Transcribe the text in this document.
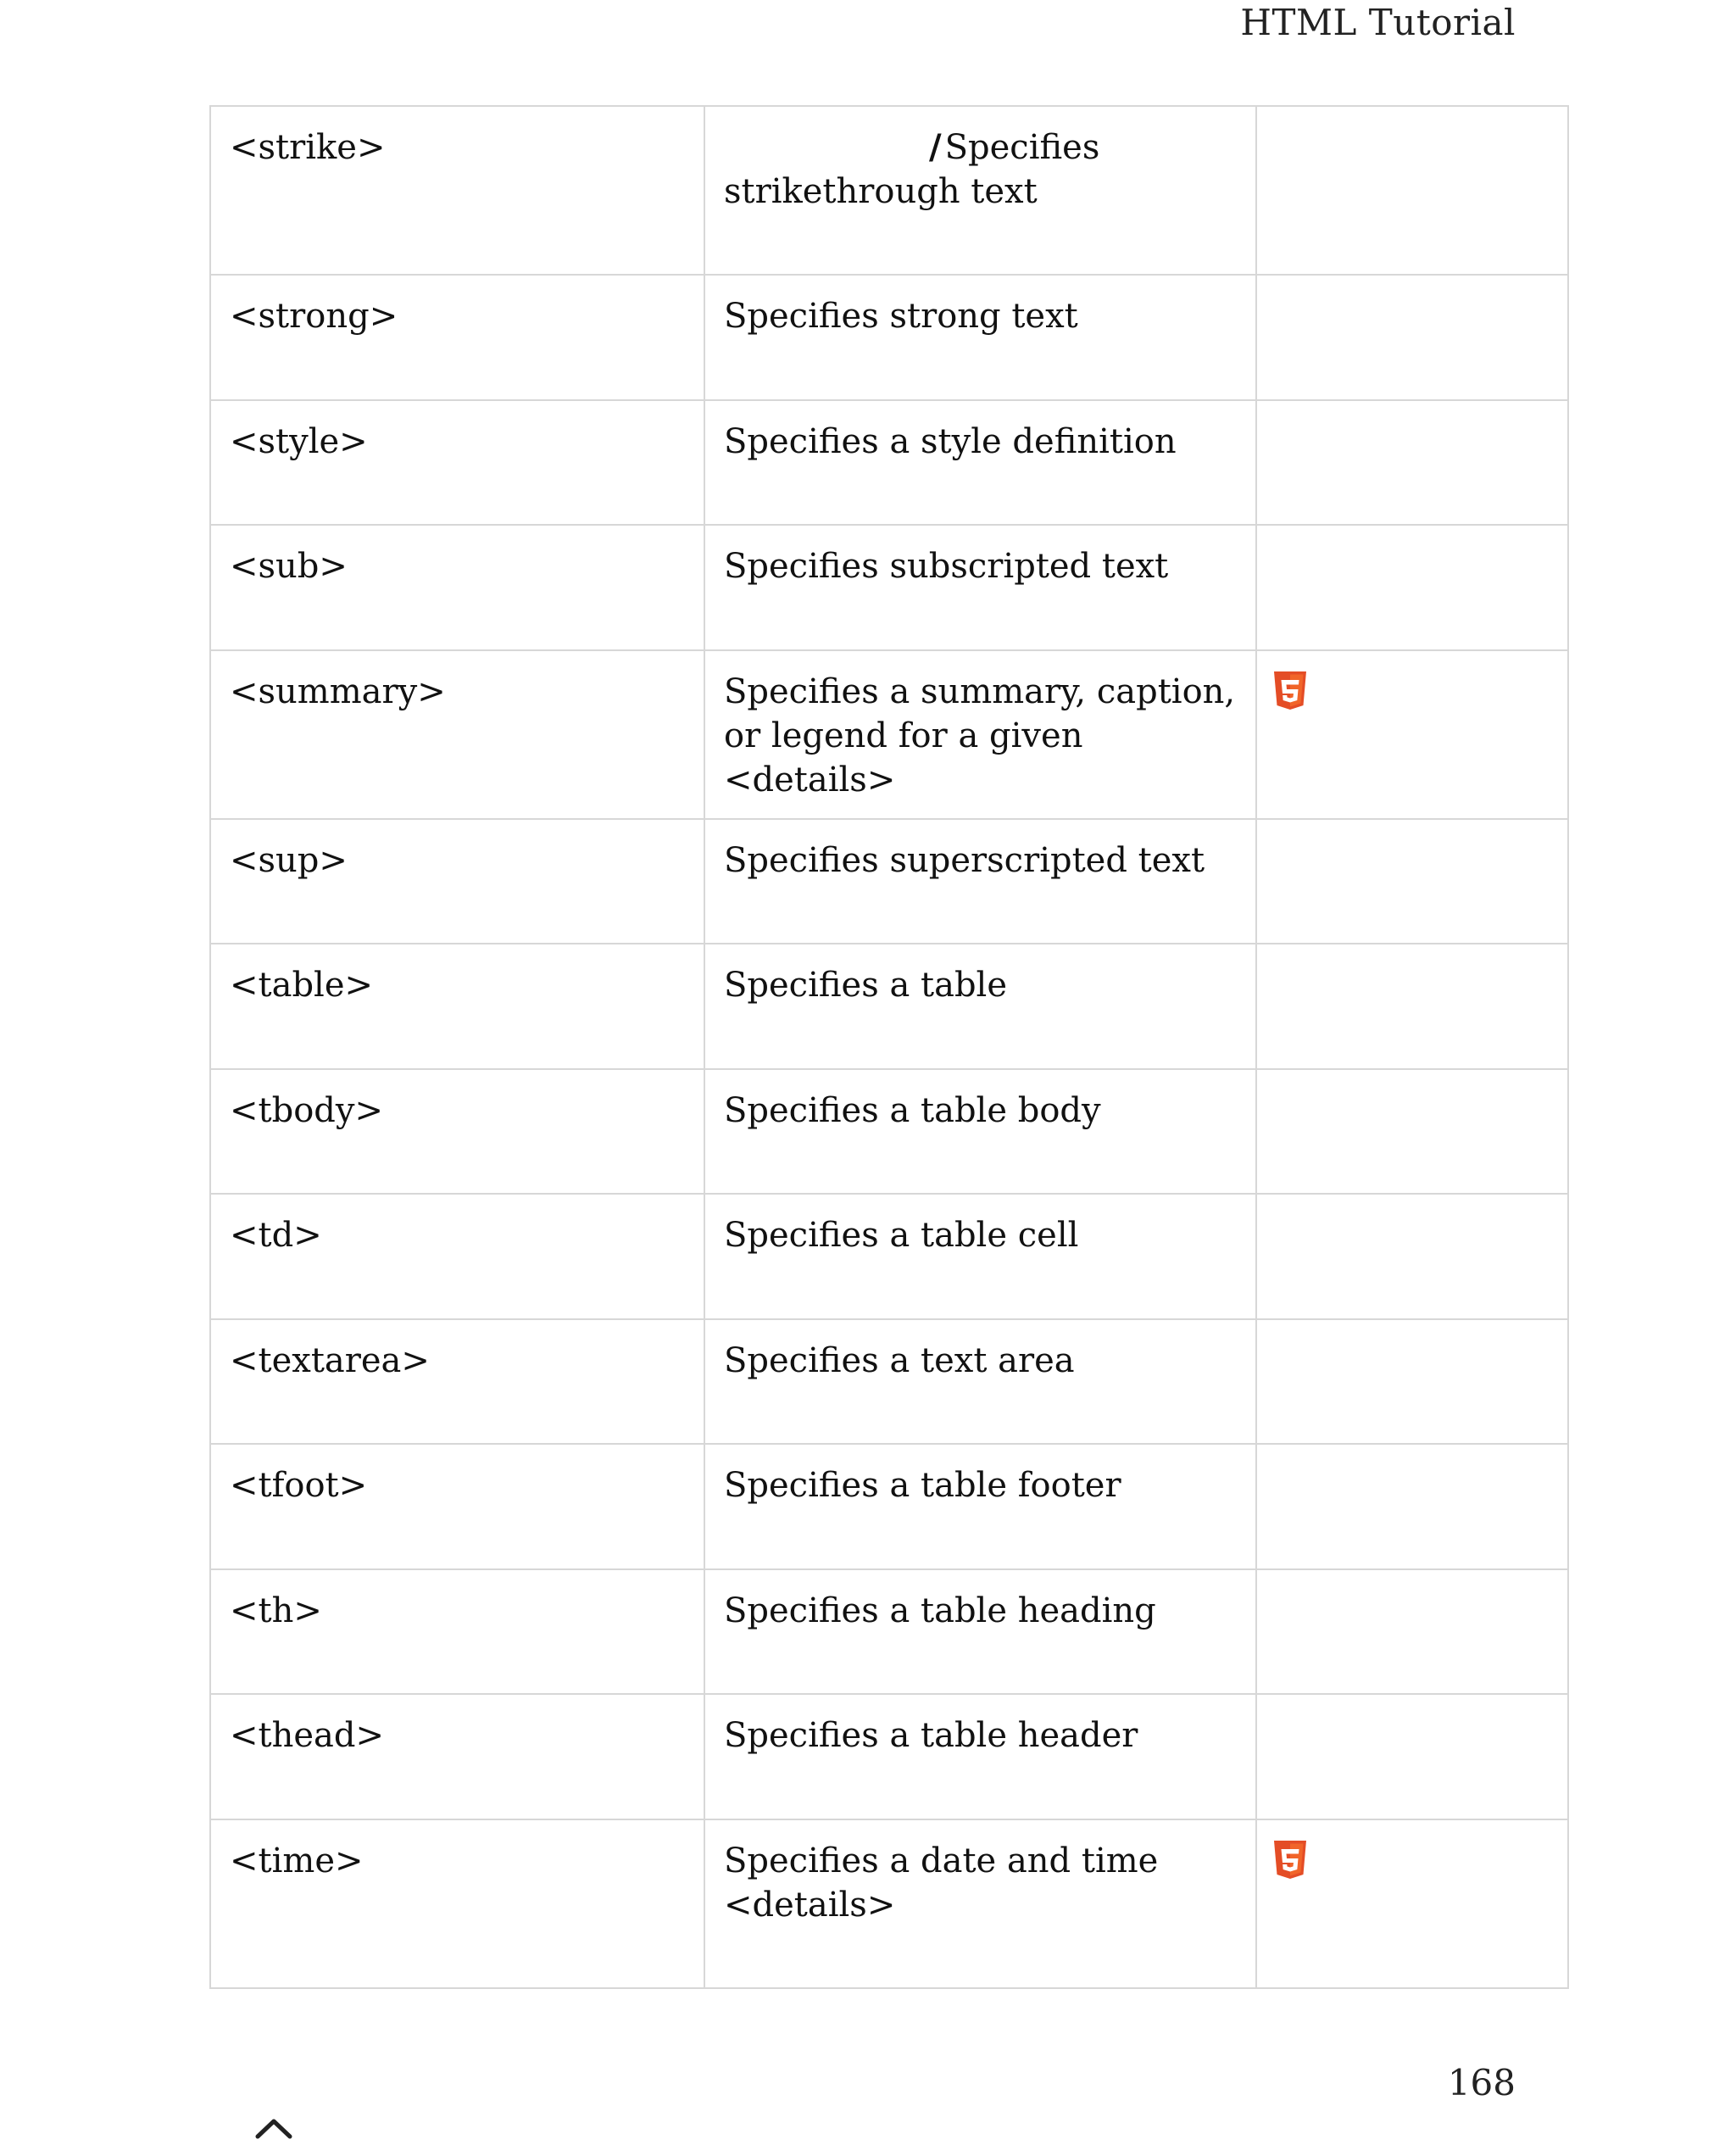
HTML Tutorial
<strike>	/ Specifies
strikethrough text	
<strong>	Specifies strong text	
<style>	Specifies a style definition	
<sub>	Specifies subscripted text	
<summary>	Specifies a summary, caption,
or legend for a given <details>	
<sup>	Specifies superscripted text	
<table>	Specifies a table	
<tbody>	Specifies a table body	
<td>	Specifies a table cell	
<textarea>	Specifies a text area	
<tfoot>	Specifies a table footer	
<th>	Specifies a table heading	
<thead>	Specifies a table header	
<time>	Specifies a date and time
<details>	
168
